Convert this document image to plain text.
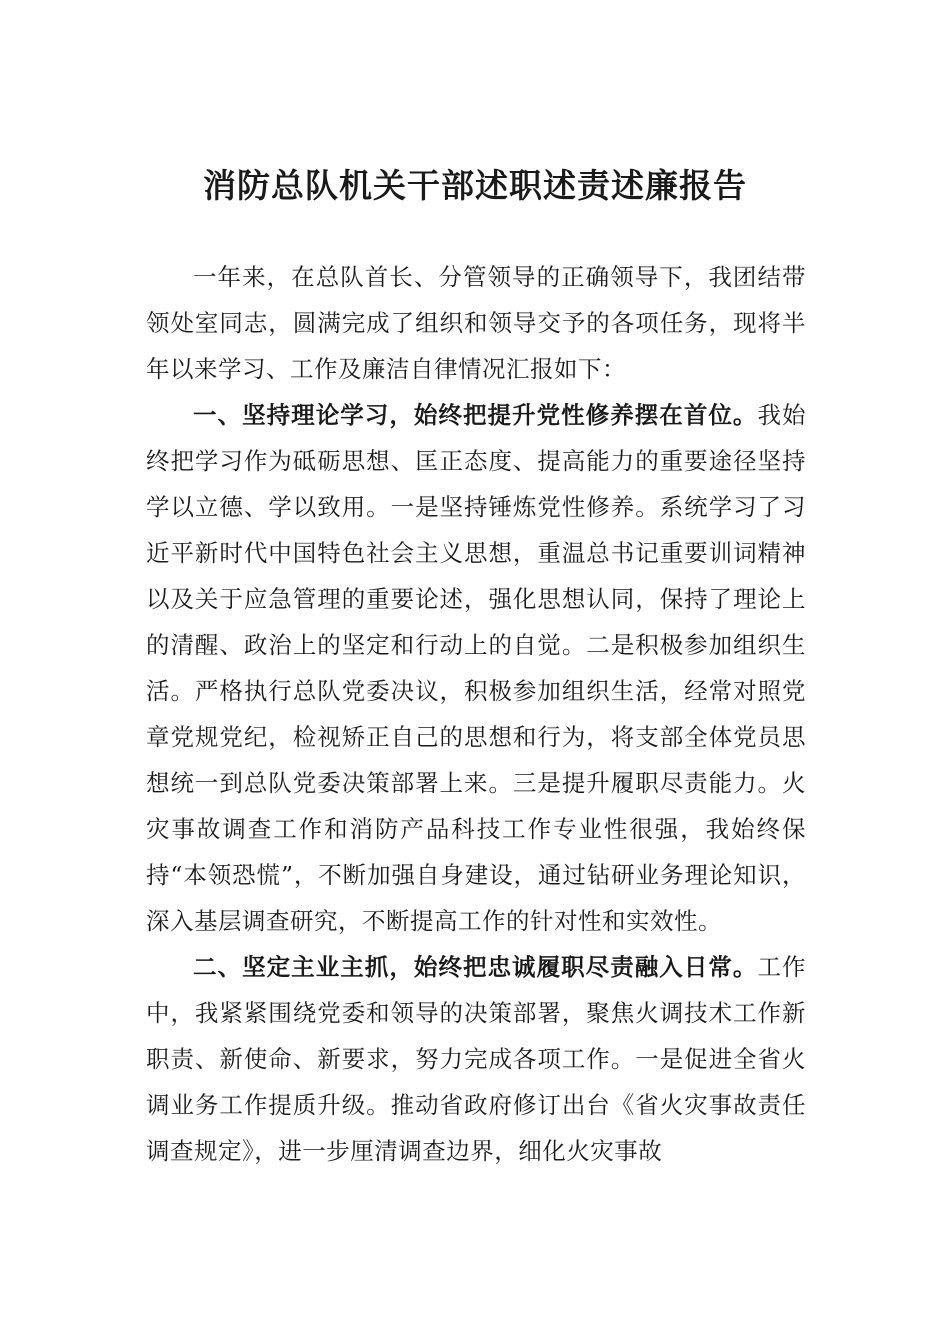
消防总队机关干部述职述责述廉报告

一年来，在总队首长、分管领导的正确领导下，我团结带领处室同志，圆满完成了组织和领导交予的各项任务，现将半年以来学习、工作及廉洁自律情况汇报如下：

一、坚持理论学习，始终把提升党性修养摆在首位。我始终把学习作为砥砺思想、匡正态度、提高能力的重要途径坚持学以立德、学以致用。一是坚持锤炼党性修养。系统学习了习近平新时代中国特色社会主义思想，重温总书记重要训词精神以及关于应急管理的重要论述，强化思想认同，保持了理论上的清醒、政治上的坚定和行动上的自觉。二是积极参加组织生活。严格执行总队党委决议，积极参加组织生活，经常对照党章党规党纪，检视矫正自己的思想和行为，将支部全体党员思想统一到总队党委决策部署上来。三是提升履职尽责能力。火灾事故调查工作和消防产品科技工作专业性很强，我始终保持“本领恐慌”，不断加强自身建设，通过钻研业务理论知识，深入基层调查研究，不断提高工作的针对性和实效性。

二、坚定主业主抓，始终把忠诚履职尽责融入日常。工作中，我紧紧围绕党委和领导的决策部署，聚焦火调技术工作新职责、新使命、新要求，努力完成各项工作。一是促进全省火调业务工作提质升级。推动省政府修订出台《省火灾事故责任调查规定》，进一步厘清调查边界，细化火灾事故
